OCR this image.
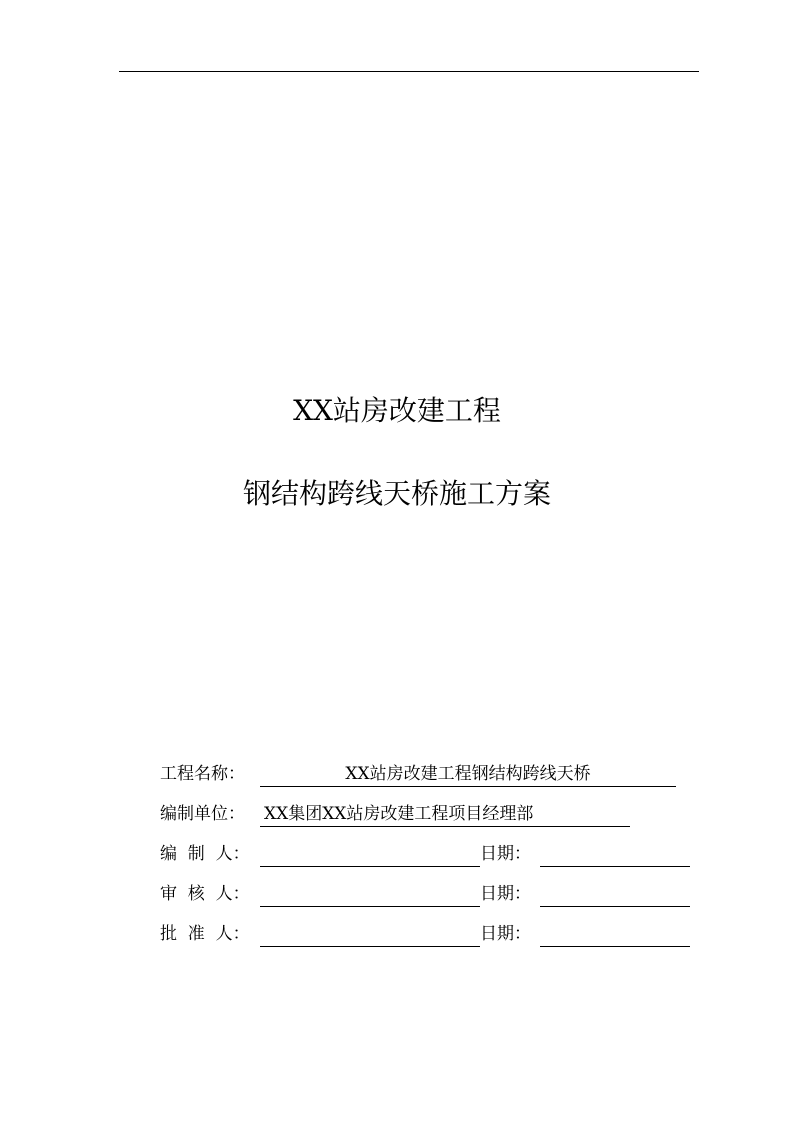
XX站房改建工程
钢结构跨线天桥施工方案
工程名称：	XX站房改建工程钢结构跨线天桥
编制单位：	XX集团XX站房改建工程项目经理部
编  制  人：	日期：
审  核  人：	日期：
批  准  人：	日期：
